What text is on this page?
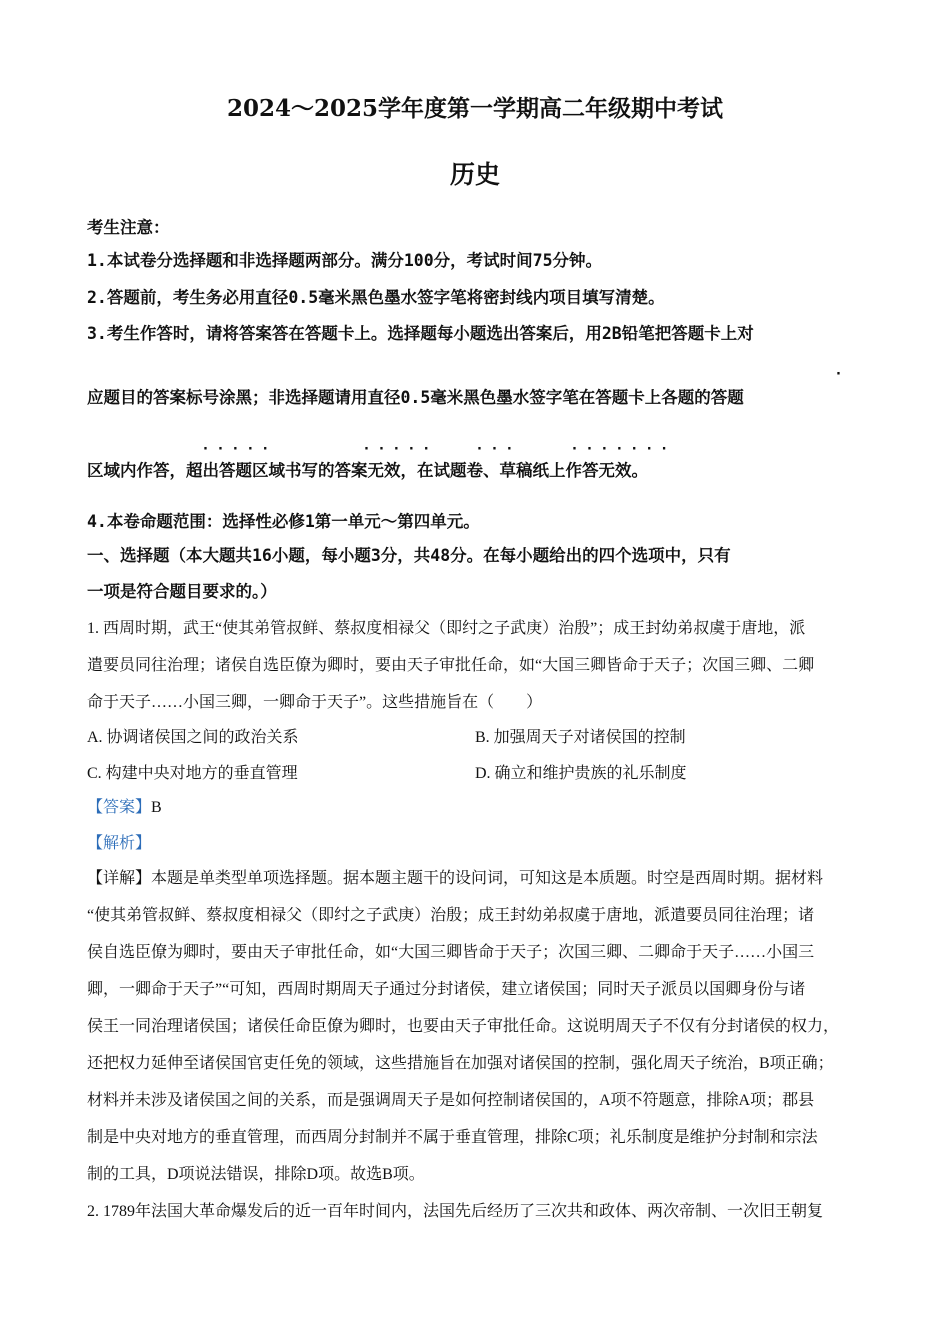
2024～2025学年度第一学期高二年级期中考试
历史
考生注意：
1.本试卷分选择题和非选择题两部分。满分100分，考试时间75分钟。
2.答题前，考生务必用直径0.5毫米黑色墨水签字笔将密封线内项目填写清楚。
3.考生作答时，请将答案答在答题卡上。选择题每小题选出答案后，用2B铅笔把答题卡上对
·
应题目的答案标号涂黑；非选择题请用直径0.5毫米黑色墨水签字笔在答题卡上各题的答题
·····	·····	···	·······
区域内作答，超出答题区域书写的答案无效，在试题卷、草稿纸上作答无效。
4.本卷命题范围：选择性必修1第一单元～第四单元。
一、选择题（本大题共16小题，每小题3分，共48分。在每小题给出的四个选项中，只有
一项是符合题目要求的。）
1. 西周时期，武王“使其弟管叔鲜、蔡叔度相禄父（即纣之子武庚）治殷”；成王封幼弟叔虞于唐地，派
遣要员同往治理；诸侯自选臣僚为卿时，要由天子审批任命，如“大国三卿皆命于天子；次国三卿、二卿
命于天子……小国三卿，一卿命于天子”。这些措施旨在（　　）
A. 协调诸侯国之间的政治关系	B. 加强周天子对诸侯国的控制
C. 构建中央对地方的垂直管理	D. 确立和维护贵族的礼乐制度
【答案】B
【解析】
【详解】本题是单类型单项选择题。据本题主题干的设问词，可知这是本质题。时空是西周时期。据材料
“使其弟管叔鲜、蔡叔度相禄父（即纣之子武庚）治殷；成王封幼弟叔虞于唐地，派遣要员同往治理；诸
侯自选臣僚为卿时，要由天子审批任命，如“大国三卿皆命于天子；次国三卿、二卿命于天子……小国三
卿，一卿命于天子”“可知，西周时期周天子通过分封诸侯，建立诸侯国；同时天子派员以国卿身份与诸
侯王一同治理诸侯国；诸侯任命臣僚为卿时，也要由天子审批任命。这说明周天子不仅有分封诸侯的权力，
还把权力延伸至诸侯国官吏任免的领域，这些措施旨在加强对诸侯国的控制，强化周天子统治，B项正确；
材料并未涉及诸侯国之间的关系，而是强调周天子是如何控制诸侯国的，A项不符题意，排除A项；郡县
制是中央对地方的垂直管理，而西周分封制并不属于垂直管理，排除C项；礼乐制度是维护分封制和宗法
制的工具，D项说法错误，排除D项。故选B项。
2. 1789年法国大革命爆发后的近一百年时间内，法国先后经历了三次共和政体、两次帝制、一次旧王朝复
